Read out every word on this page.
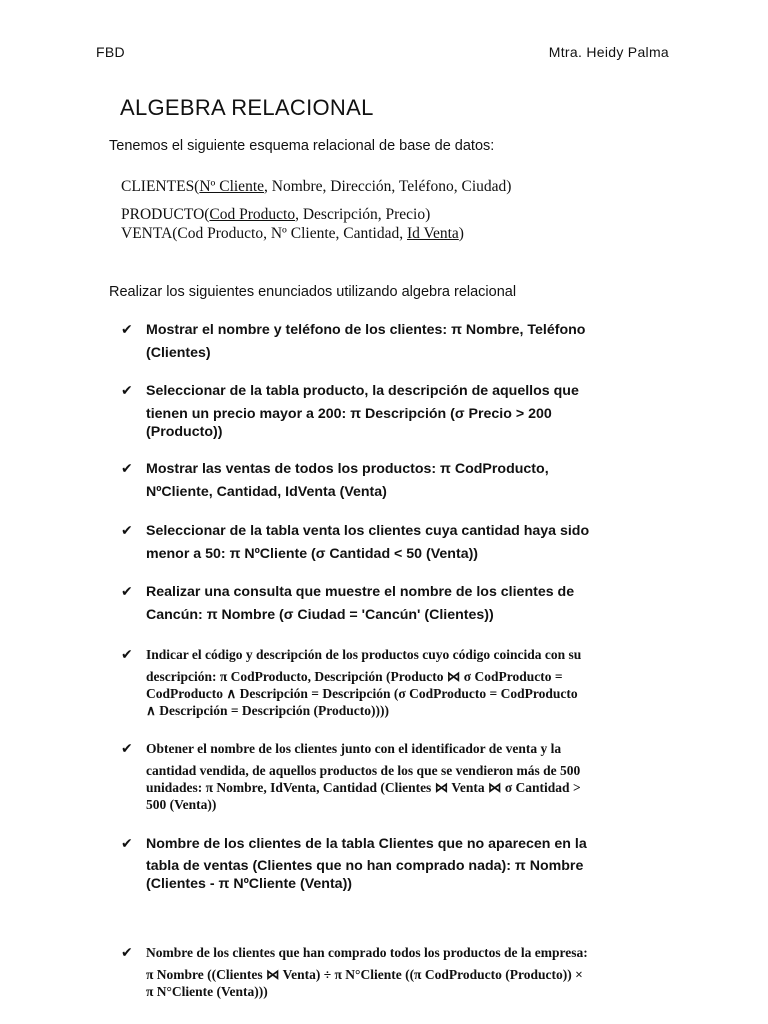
FBD	Mtra. Heidy Palma
ALGEBRA RELACIONAL
Tenemos el siguiente esquema relacional de base de datos:
CLIENTES(Nº Cliente, Nombre, Dirección, Teléfono, Ciudad)
PRODUCTO(Cod Producto, Descripción, Precio)
VENTA(Cod Producto, Nº Cliente, Cantidad, Id Venta)
Realizar los siguientes enunciados utilizando algebra relacional
✔ Mostrar el nombre y teléfono de los clientes: π Nombre, Teléfono
(Clientes)
✔ Seleccionar de la tabla producto, la descripción de aquellos que
tienen un precio mayor a 200: π Descripción (σ Precio > 200
(Producto))
✔ Mostrar las ventas de todos los productos: π CodProducto,
NºCliente, Cantidad, IdVenta (Venta)
✔ Seleccionar de la tabla venta los clientes cuya cantidad haya sido
menor a 50: π NºCliente (σ Cantidad < 50 (Venta))
✔ Realizar una consulta que muestre el nombre de los clientes de
Cancún: π Nombre (σ Ciudad = 'Cancún' (Clientes))
✔ Indicar el código y descripción de los productos cuyo código coincida con su
descripción: π CodProducto, Descripción (Producto ⋈ σ CodProducto =
CodProducto ∧ Descripción = Descripción (σ CodProducto = CodProducto
∧ Descripción = Descripción (Producto))))
✔ Obtener el nombre de los clientes junto con el identificador de venta y la
cantidad vendida, de aquellos productos de los que se vendieron más de 500
unidades: π Nombre, IdVenta, Cantidad (Clientes ⋈ Venta ⋈ σ Cantidad >
500 (Venta))
✔ Nombre de los clientes de la tabla Clientes que no aparecen en la
tabla de ventas (Clientes que no han comprado nada): π Nombre
(Clientes - π NºCliente (Venta))
✔ Nombre de los clientes que han comprado todos los productos de la empresa:
π Nombre ((Clientes ⋈ Venta) ÷ π N°Cliente ((π CodProducto (Producto)) ×
π N°Cliente (Venta)))
